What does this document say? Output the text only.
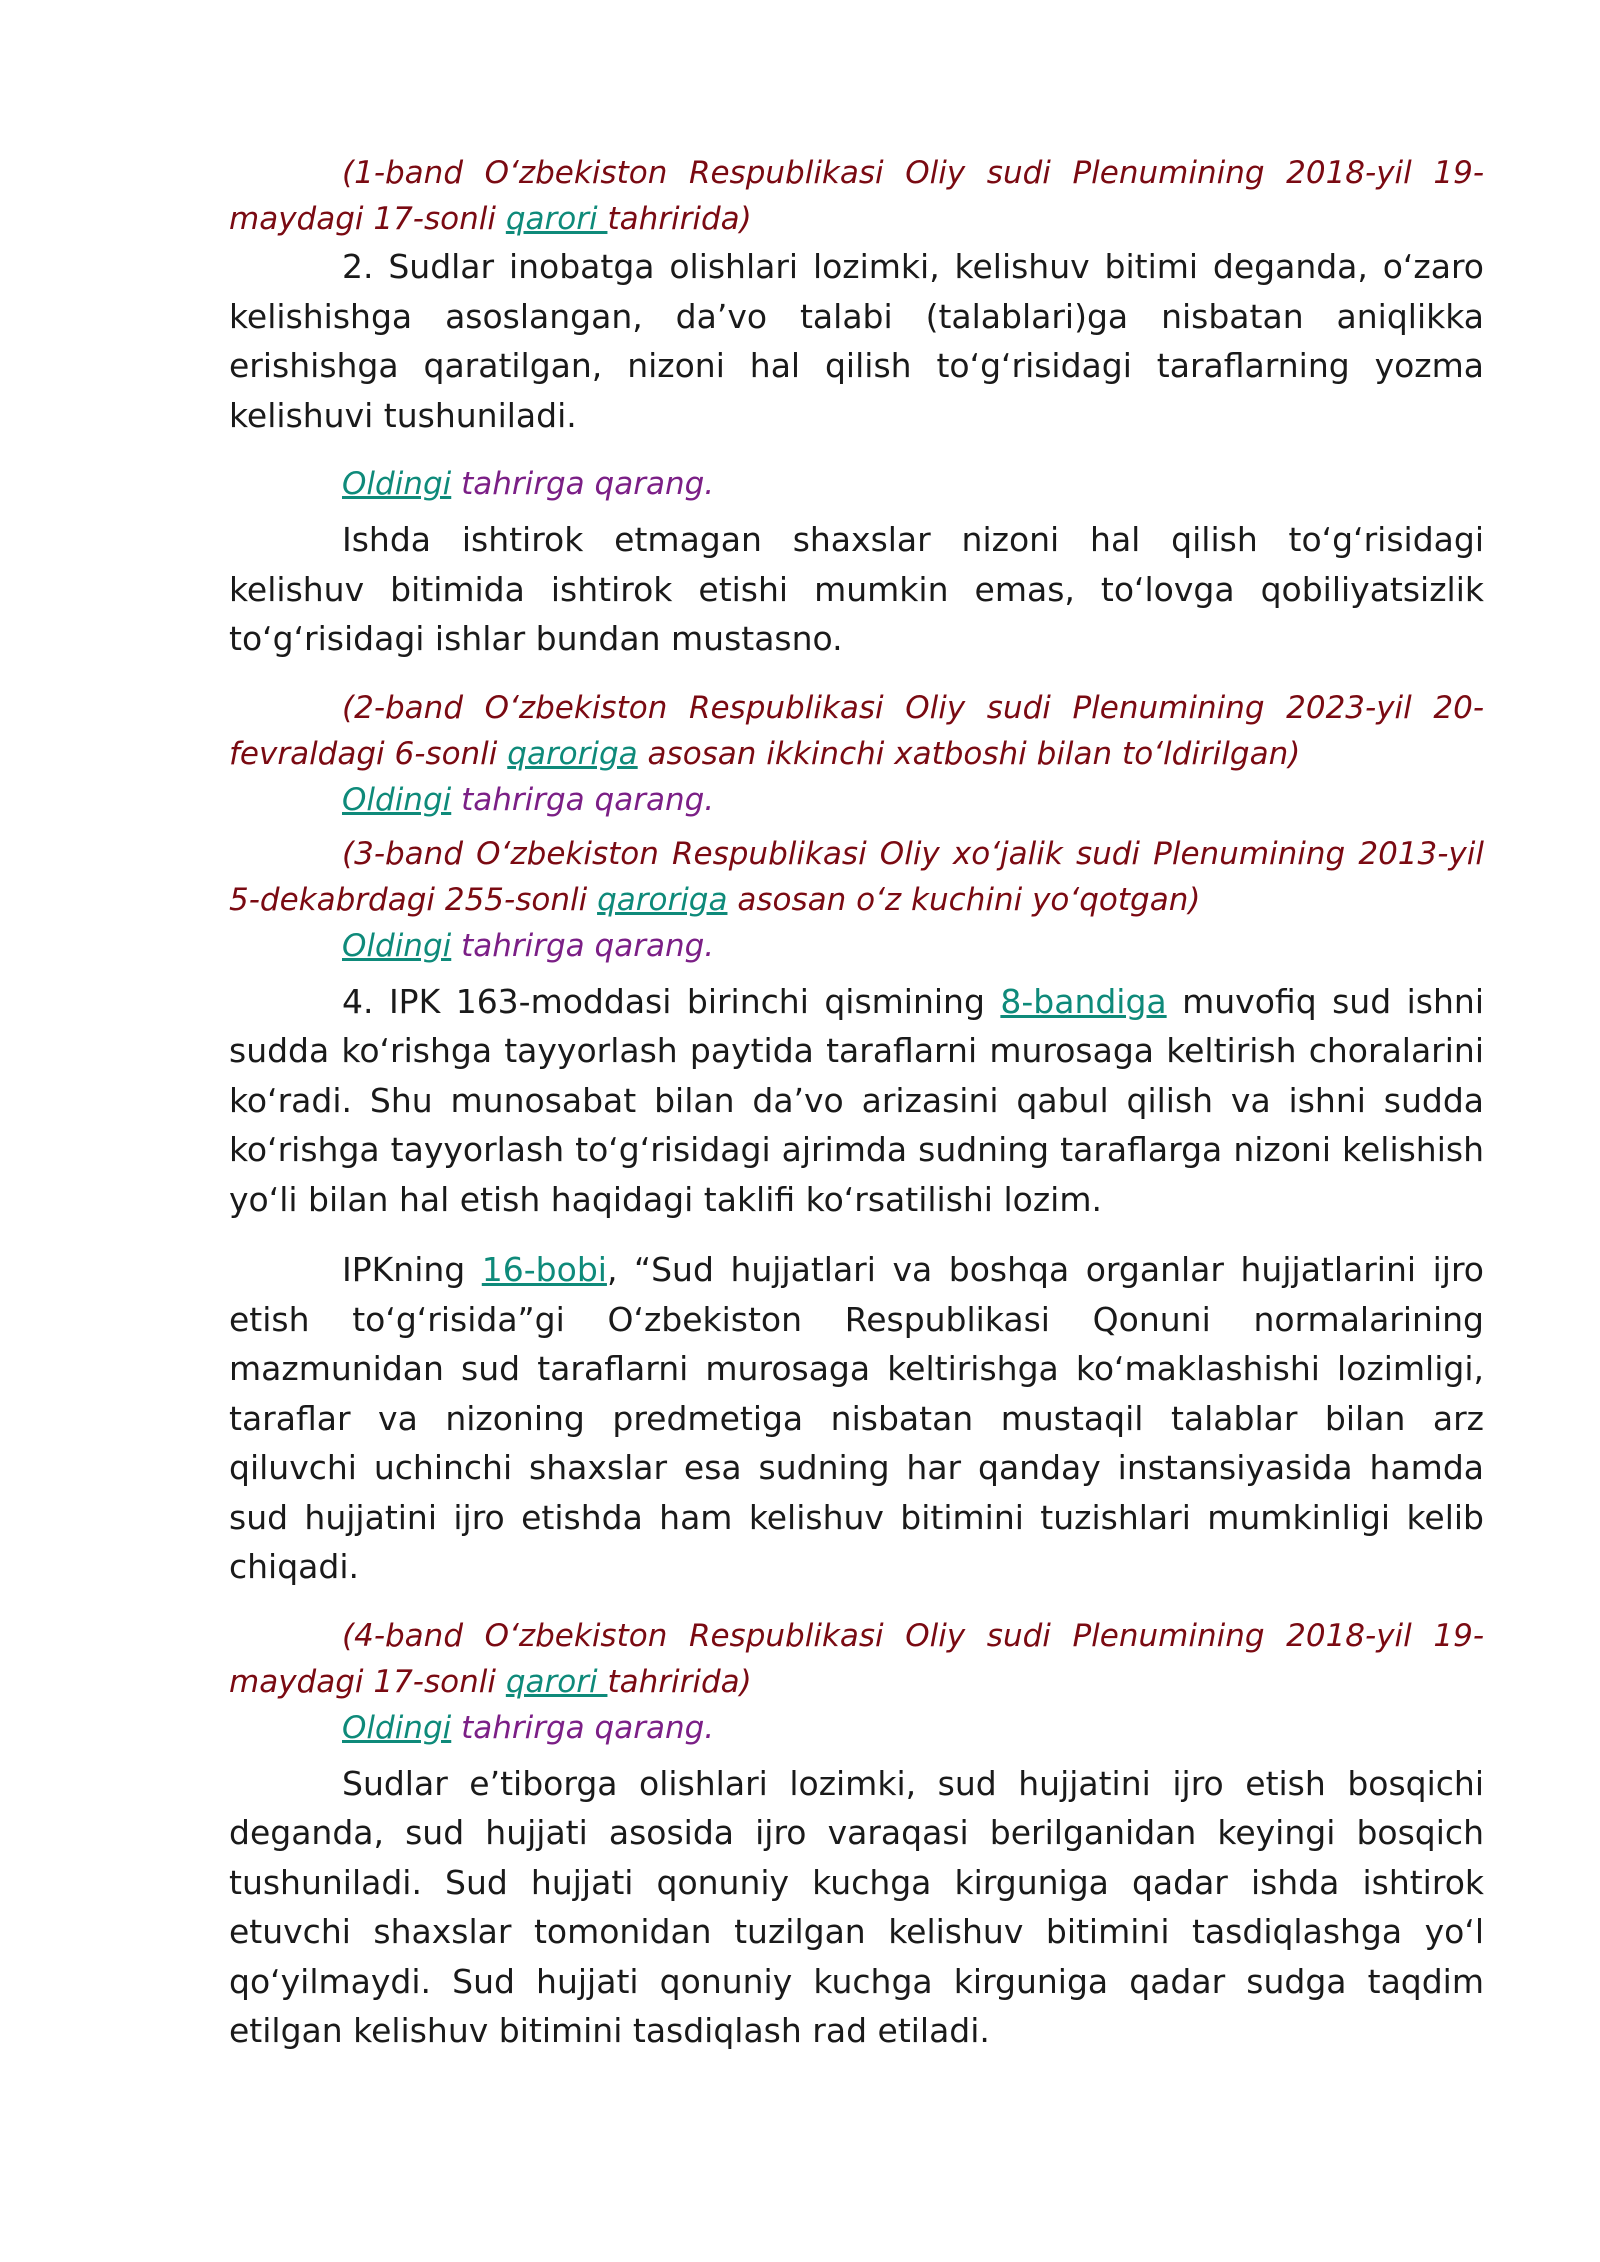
(1-band O‘zbekiston Respublikasi Oliy sudi Plenumining 2018-yil 19-maydagi 17-sonli qarori tahririda)

2. Sudlar inobatga olishlari lozimki, kelishuv bitimi deganda, o‘zaro kelishishga asoslangan, da’vo talabi (talablari)ga nisbatan aniqlikka erishishga qaratilgan, nizoni hal qilish to‘g‘risidagi taraflarning yozma kelishuvi tushuniladi.

Oldingi tahrirga qarang.

Ishda ishtirok etmagan shaxslar nizoni hal qilish to‘g‘risidagi kelishuv bitimida ishtirok etishi mumkin emas, to‘lovga qobiliyatsizlik to‘g‘risidagi ishlar bundan mustasno.

(2-band O‘zbekiston Respublikasi Oliy sudi Plenumining 2023-yil 20-fevraldagi 6-sonli qaroriga asosan ikkinchi xatboshi bilan to‘ldirilgan)

Oldingi tahrirga qarang.

(3-band O‘zbekiston Respublikasi Oliy xo‘jalik sudi Plenumining 2013-yil 5-dekabrdagi 255-sonli qaroriga asosan o‘z kuchini yo‘qotgan)

Oldingi tahrirga qarang.

4. IPK 163-moddasi birinchi qismining 8-bandiga muvofiq sud ishni sudda ko‘rishga tayyorlash paytida taraflarni murosaga keltirish choralarini ko‘radi. Shu munosabat bilan da’vo arizasini qabul qilish va ishni sudda ko‘rishga tayyorlash to‘g‘risidagi ajrimda sudning taraflarga nizoni kelishish yo‘li bilan hal etish haqidagi taklifi ko‘rsatilishi lozim.

IPKning 16-bobi, “Sud hujjatlari va boshqa organlar hujjatlarini ijro etish to‘g‘risida”gi O‘zbekiston Respublikasi Qonuni normalarining mazmunidan sud taraflarni murosaga keltirishga ko‘maklashishi lozimligi, taraflar va nizoning predmetiga nisbatan mustaqil talablar bilan arz qiluvchi uchinchi shaxslar esa sudning har qanday instansiyasida hamda sud hujjatini ijro etishda ham kelishuv bitimini tuzishlari mumkinligi kelib chiqadi.

(4-band O‘zbekiston Respublikasi Oliy sudi Plenumining 2018-yil 19-maydagi 17-sonli qarori tahririda)

Oldingi tahrirga qarang.

Sudlar e’tiborga olishlari lozimki, sud hujjatini ijro etish bosqichi deganda, sud hujjati asosida ijro varaqasi berilganidan keyingi bosqich tushuniladi. Sud hujjati qonuniy kuchga kirguniga qadar ishda ishtirok etuvchi shaxslar tomonidan tuzilgan kelishuv bitimini tasdiqlashga yo‘l qo‘yilmaydi. Sud hujjati qonuniy kuchga kirguniga qadar sudga taqdim etilgan kelishuv bitimini tasdiqlash rad etiladi.
